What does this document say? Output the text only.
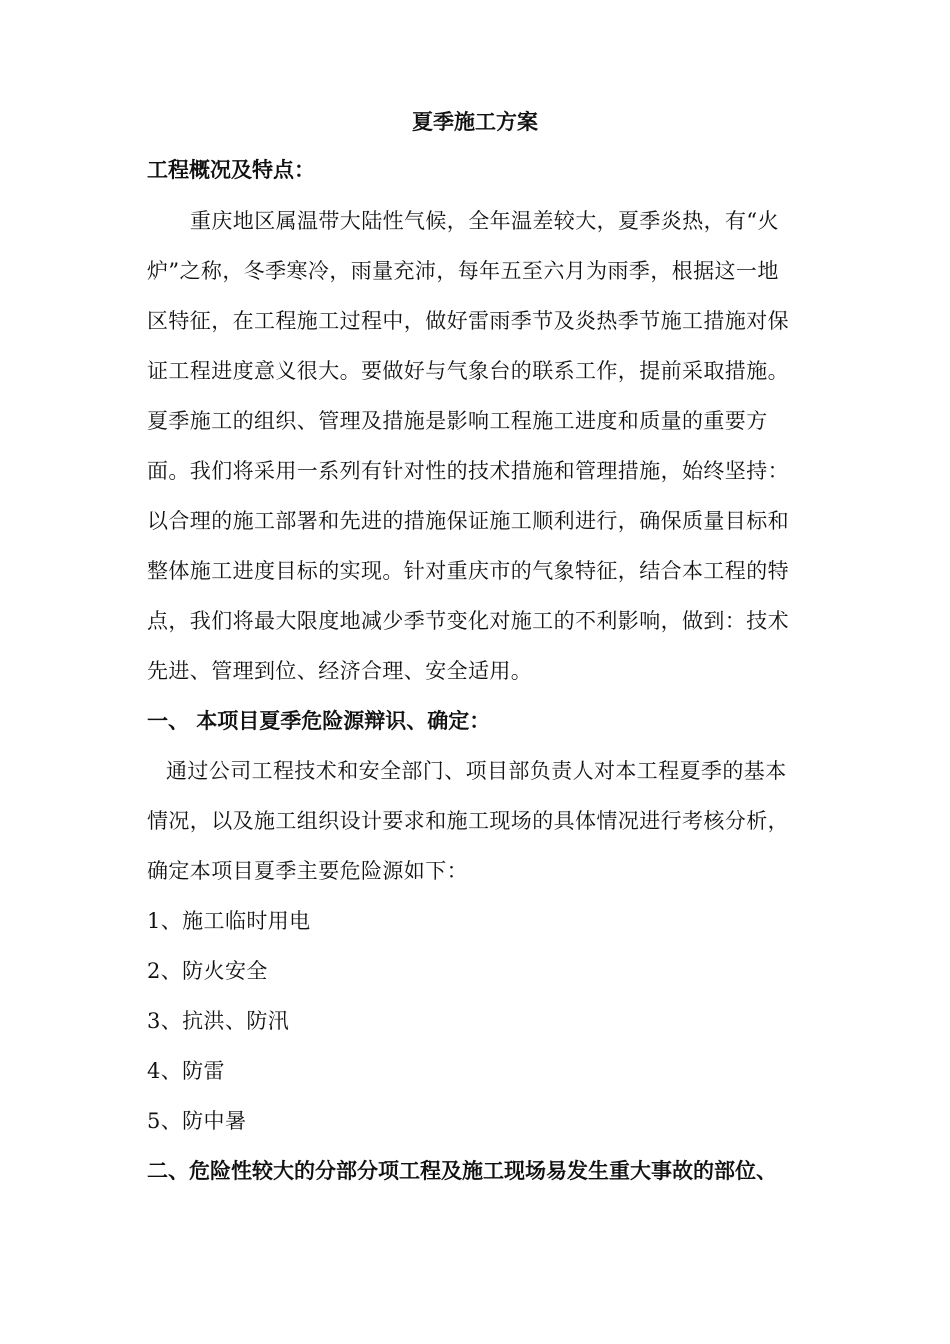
夏季施工方案
工程概况及特点：

重庆地区属温带大陆性气候，全年温差较大，夏季炎热，有“火

炉”之称，冬季寒冷，雨量充沛，每年五至六月为雨季，根据这一地

区特征，在工程施工过程中，做好雷雨季节及炎热季节施工措施对保

证工程进度意义很大。要做好与气象台的联系工作，提前采取措施。

夏季施工的组织、管理及措施是影响工程施工进度和质量的重要方

面。我们将采用一系列有针对性的技术措施和管理措施，始终坚持：

以合理的施工部署和先进的措施保证施工顺利进行，确保质量目标和

整体施工进度目标的实现。针对重庆市的气象特征，结合本工程的特

点，我们将最大限度地减少季节变化对施工的不利影响，做到：技术

先进、管理到位、经济合理、安全适用。

一、 本项目夏季危险源辩识、确定：

通过公司工程技术和安全部门、项目部负责人对本工程夏季的基本

情况，以及施工组织设计要求和施工现场的具体情况进行考核分析，

确定本项目夏季主要危险源如下：

1、施工临时用电

2、防火安全

3、抗洪、防汛

4、防雷

5、防中暑

二、危险性较大的分部分项工程及施工现场易发生重大事故的部位、
